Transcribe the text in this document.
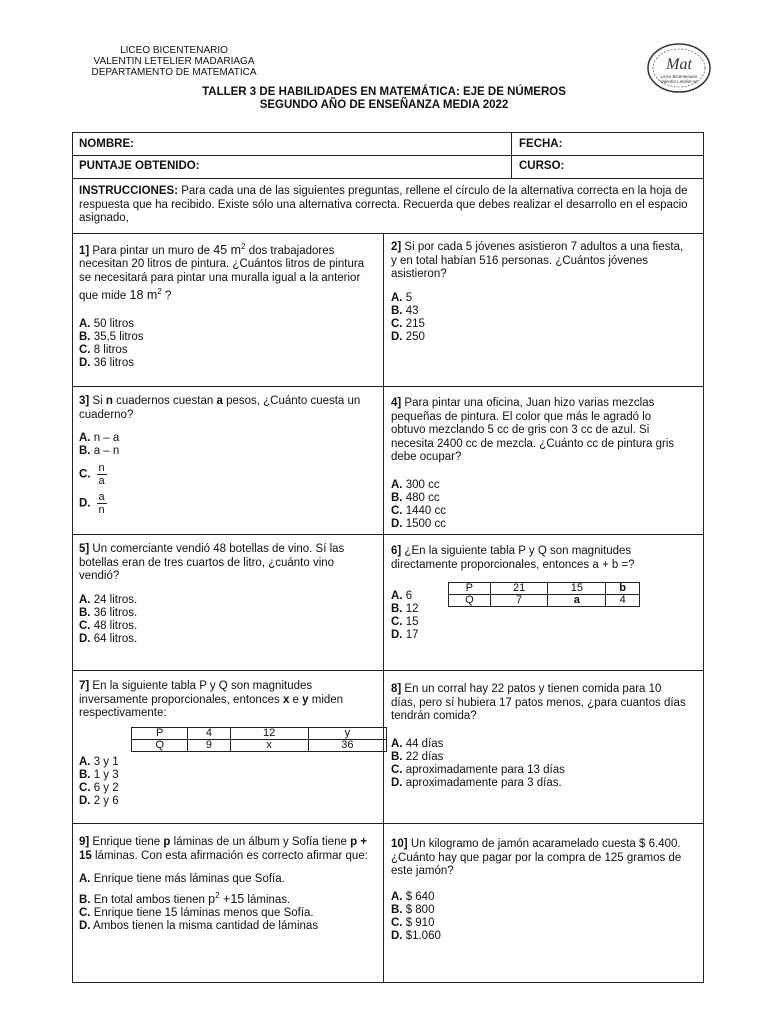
LICEO BICENTENARIO
VALENTIN LETELIER MADARIAGA
DEPARTAMENTO DE MATEMATICA	Mat
Liceo Bicentenario
Valentín Letelier M.
TALLER 3 DE HABILIDADES EN MATEMÁTICA: EJE DE NÚMEROS
SEGUNDO AÑO DE ENSEÑANZA MEDIA 2022
NOMBRE:	FECHA:
PUNTAJE OBTENIDO:	CURSO:
INSTRUCCIONES: Para cada una de las siguientes preguntas, rellene el círculo de la alternativa correcta en la hoja de respuesta que ha recibido. Existe sólo una alternativa correcta. Recuerda que debes realizar el desarrollo en el espacio asignado,
1] Para pintar un muro de 45 $m^2$ dos trabajadores necesitan 20 litros de pintura. ¿Cuántos litros de pintura se necesitará para pintar una muralla igual a la anterior que mide 18 $m^2$ ?
A. 50 litros
B. 35,5 litros
C. 8 litros
D. 36 litros
2] Si por cada 5 jóvenes asistieron 7 adultos a una fiesta, y en total habían 516 personas. ¿Cuántos jóvenes asistieron?
A. 5
B. 43
C. 215
D. 250
3] Si n cuadernos cuestan a pesos, ¿Cuánto cuesta un cuaderno?
A. n – a
B. a – n
C. $\frac{n}{a}$
D. $\frac{a}{n}$
4] Para pintar una oficina, Juan hizo varias mezclas pequeñas de pintura. El color que más le agradó lo obtuvo mezclando 5 cc de gris con 3 cc de azul. Si necesita 2400 cc de mezcla. ¿Cuánto cc de pintura gris debe ocupar?
A. 300 cc
B. 480 cc
C. 1440 cc
D. 1500 cc
5] Un comerciante vendió 48 botellas de vino. Sí las botellas eran de tres cuartos de litro, ¿cuánto vino vendió?
A. 24 litros.
B. 36 litros.
C. 48 litros.
D. 64 litros.
6] ¿En la siguiente tabla P y Q son magnitudes directamente proporcionales, entonces a + b =?
A. 6
B. 12
C. 15
D. 17
P	21	15	b
Q	7	a	4
7] En la siguiente tabla P y Q son magnitudes inversamente proporcionales, entonces x e y miden respectivamente:
A. 3 y 1
B. 1 y 3
C. 6 y 2
D. 2 y 6
P	4	12	y
Q	9	x	36
8] En un corral hay 22 patos y tienen comida para 10 días, pero sí hubiera 17 patos menos, ¿para cuantos días tendrán comida?
A. 44 días
B. 22 días
C. aproximadamente para 13 días
D. aproximadamente para 3 días.
9] Enrique tiene p láminas de un álbum y Sofía tiene p + 15 láminas. Con esta afirmación es correcto afirmar que:
A. Enrique tiene más láminas que Sofía.
B. En total ambos tienen $p^2 +15$ láminas.
C. Enrique tiene 15 láminas menos que Sofía.
D. Ambos tienen la misma cantidad de láminas
10] Un kilogramo de jamón acaramelado cuesta $ 6.400. ¿Cuánto hay que pagar por la compra de 125 gramos de este jamón?
A. $ 640
B. $ 800
C. $ 910
D. $1.060
